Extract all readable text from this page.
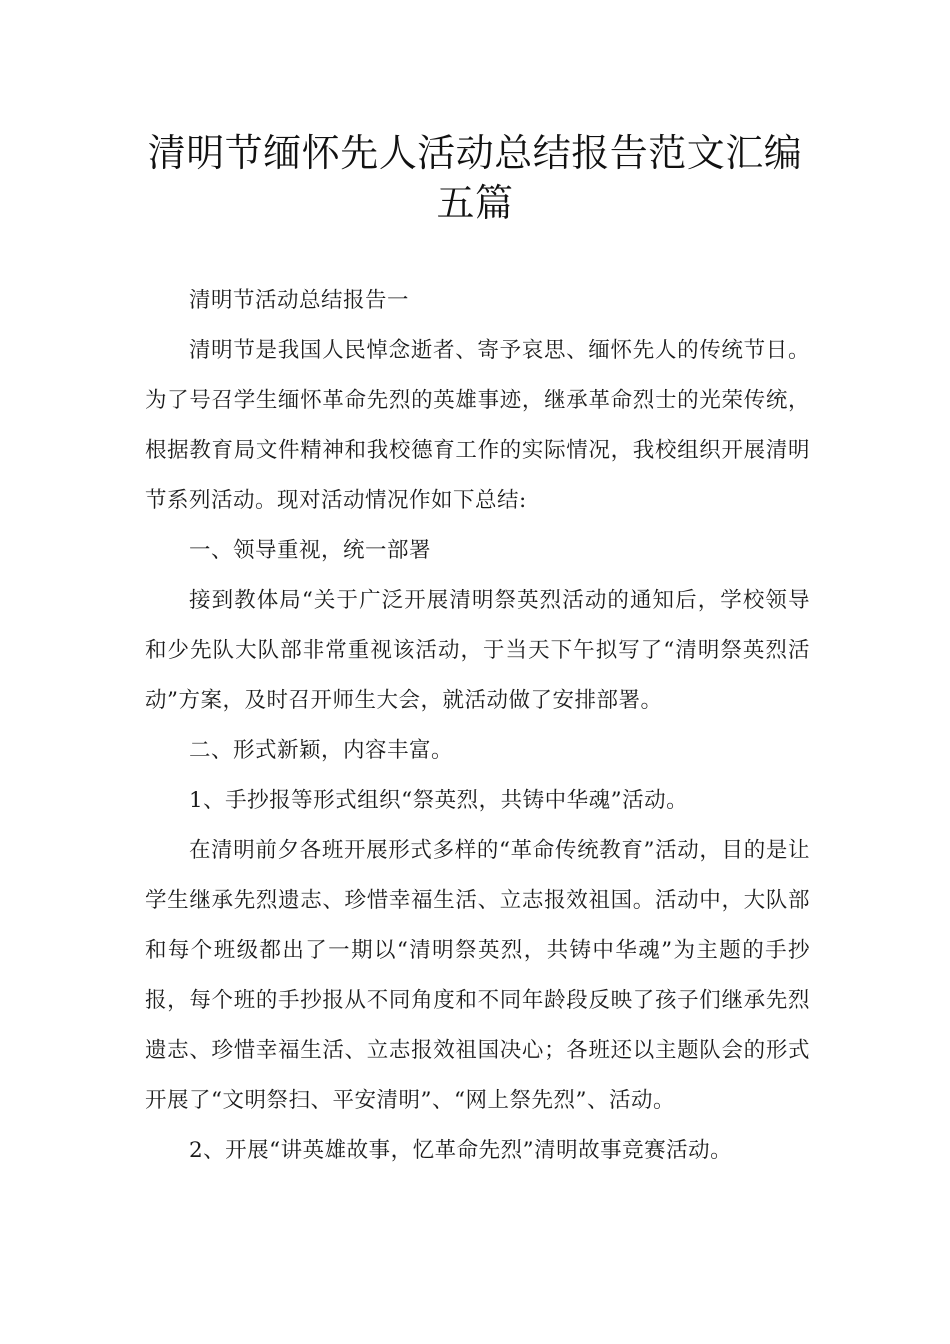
清明节缅怀先人活动总结报告范文汇编
五篇

清明节活动总结报告一

清明节是我国人民悼念逝者、寄予哀思、缅怀先人的传统节日。为了号召学生缅怀革命先烈的英雄事迹，继承革命烈士的光荣传统，根据教育局文件精神和我校德育工作的实际情况，我校组织开展清明节系列活动。现对活动情况作如下总结:

一、领导重视，统一部署

接到教体局“关于广泛开展清明祭英烈活动的通知后，学校领导和少先队大队部非常重视该活动，于当天下午拟写了“清明祭英烈活动”方案，及时召开师生大会，就活动做了安排部署。

二、形式新颖，内容丰富。

1、手抄报等形式组织“祭英烈，共铸中华魂”活动。

在清明前夕各班开展形式多样的“革命传统教育”活动，目的是让学生继承先烈遗志、珍惜幸福生活、立志报效祖国。活动中，大队部和每个班级都出了一期以“清明祭英烈，共铸中华魂”为主题的手抄报，每个班的手抄报从不同角度和不同年龄段反映了孩子们继承先烈遗志、珍惜幸福生活、立志报效祖国决心；各班还以主题队会的形式开展了“文明祭扫、平安清明”、“网上祭先烈”、活动。

2、开展“讲英雄故事，忆革命先烈”清明故事竞赛活动。
